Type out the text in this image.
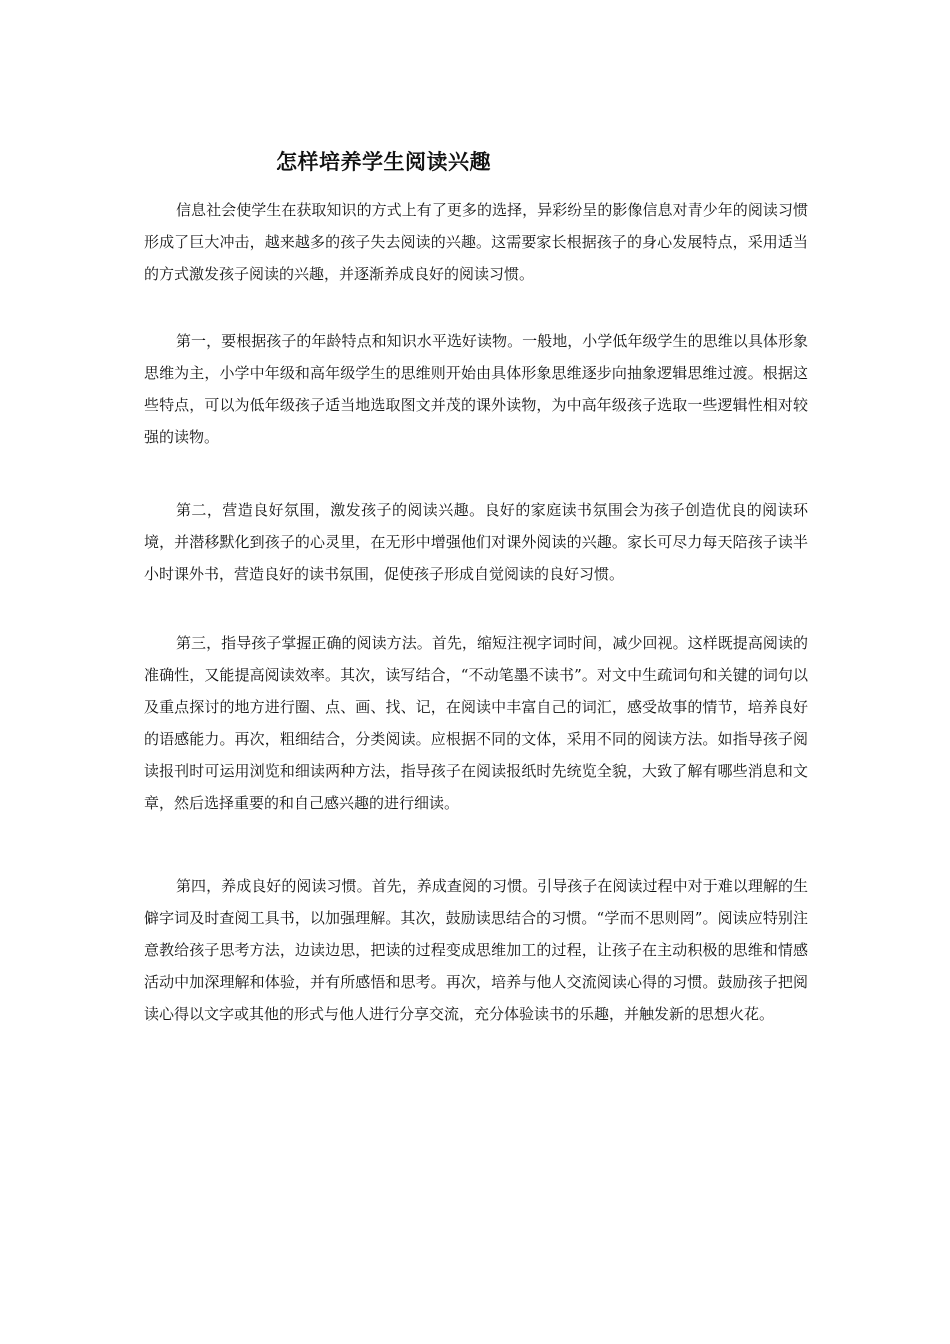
怎样培养学生阅读兴趣

信息社会使学生在获取知识的方式上有了更多的选择，异彩纷呈的影像信息对青少年的阅读习惯形成了巨大冲击，越来越多的孩子失去阅读的兴趣。这需要家长根据孩子的身心发展特点，采用适当的方式激发孩子阅读的兴趣，并逐渐养成良好的阅读习惯。

第一，要根据孩子的年龄特点和知识水平选好读物。一般地，小学低年级学生的思维以具体形象思维为主，小学中年级和高年级学生的思维则开始由具体形象思维逐步向抽象逻辑思维过渡。根据这些特点，可以为低年级孩子适当地选取图文并茂的课外读物，为中高年级孩子选取一些逻辑性相对较强的读物。

第二，营造良好氛围，激发孩子的阅读兴趣。良好的家庭读书氛围会为孩子创造优良的阅读环境，并潜移默化到孩子的心灵里，在无形中增强他们对课外阅读的兴趣。家长可尽力每天陪孩子读半小时课外书，营造良好的读书氛围，促使孩子形成自觉阅读的良好习惯。

第三，指导孩子掌握正确的阅读方法。首先，缩短注视字词时间，减少回视。这样既提高阅读的准确性，又能提高阅读效率。其次，读写结合，“不动笔墨不读书”。对文中生疏词句和关键的词句以及重点探讨的地方进行圈、点、画、找、记，在阅读中丰富自己的词汇，感受故事的情节，培养良好的语感能力。再次，粗细结合，分类阅读。应根据不同的文体，采用不同的阅读方法。如指导孩子阅读报刊时可运用浏览和细读两种方法，指导孩子在阅读报纸时先统览全貌，大致了解有哪些消息和文章，然后选择重要的和自己感兴趣的进行细读。

第四，养成良好的阅读习惯。首先，养成查阅的习惯。引导孩子在阅读过程中对于难以理解的生僻字词及时查阅工具书，以加强理解。其次，鼓励读思结合的习惯。“学而不思则罔”。阅读应特别注意教给孩子思考方法，边读边思，把读的过程变成思维加工的过程，让孩子在主动积极的思维和情感活动中加深理解和体验，并有所感悟和思考。再次，培养与他人交流阅读心得的习惯。鼓励孩子把阅读心得以文字或其他的形式与他人进行分享交流，充分体验读书的乐趣，并触发新的思想火花。
